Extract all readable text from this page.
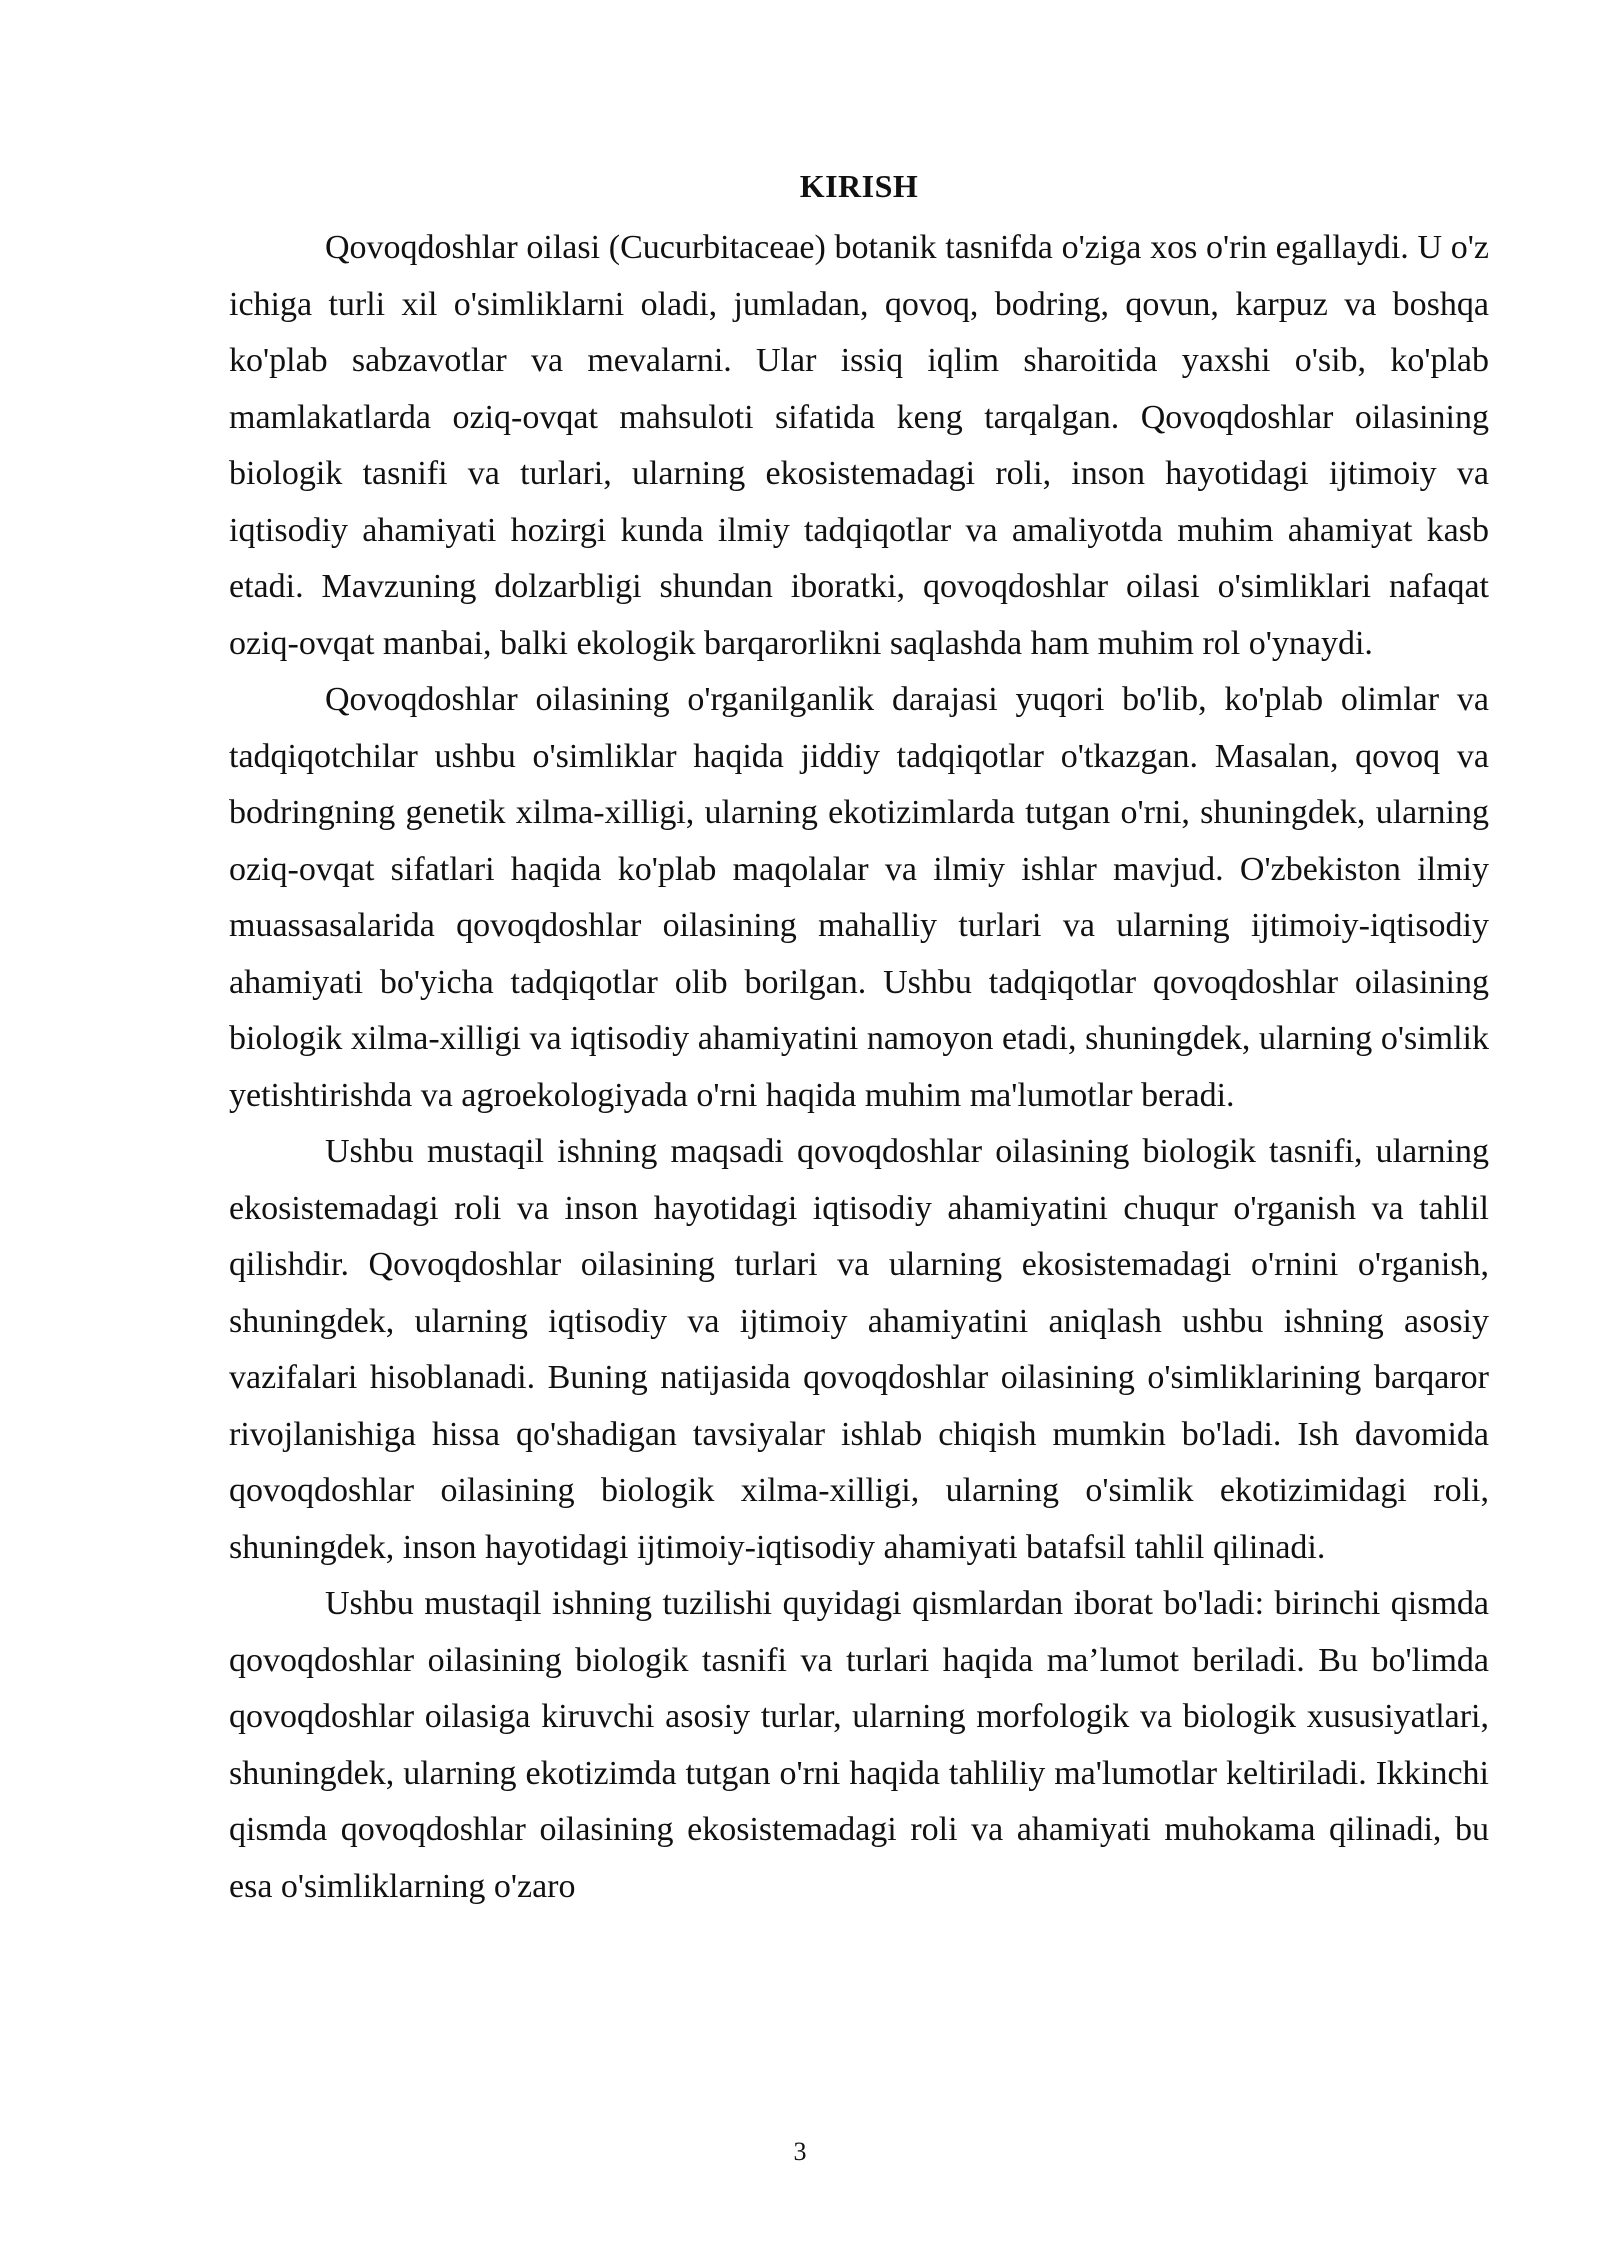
KIRISH

Qovoqdoshlar oilasi (Cucurbitaceae) botanik tasnifda o'ziga xos o'rin egallaydi. U o'z ichiga turli xil o'simliklarni oladi, jumladan, qovoq, bodring, qovun, karpuz va boshqa ko'plab sabzavotlar va mevalarni. Ular issiq iqlim sharoitida yaxshi o'sib, ko'plab mamlakatlarda oziq-ovqat mahsuloti sifatida keng tarqalgan. Qovoqdoshlar oilasining biologik tasnifi va turlari, ularning ekosistemadagi roli, inson hayotidagi ijtimoiy va iqtisodiy ahamiyati hozirgi kunda ilmiy tadqiqotlar va amaliyotda muhim ahamiyat kasb etadi. Mavzuning dolzarbligi shundan iboratki, qovoqdoshlar oilasi o'simliklari nafaqat oziq-ovqat manbai, balki ekologik barqarorlikni saqlashda ham muhim rol o'ynaydi.

Qovoqdoshlar oilasining o'rganilganlik darajasi yuqori bo'lib, ko'plab olimlar va tadqiqotchilar ushbu o'simliklar haqida jiddiy tadqiqotlar o'tkazgan. Masalan, qovoq va bodringning genetik xilma-xilligi, ularning ekotizimlarda tutgan o'rni, shuningdek, ularning oziq-ovqat sifatlari haqida ko'plab maqolalar va ilmiy ishlar mavjud. O'zbekiston ilmiy muassasalarida qovoqdoshlar oilasining mahalliy turlari va ularning ijtimoiy-iqtisodiy ahamiyati bo'yicha tadqiqotlar olib borilgan. Ushbu tadqiqotlar qovoqdoshlar oilasining biologik xilma-xilligi va iqtisodiy ahamiyatini namoyon etadi, shuningdek, ularning o'simlik yetishtirishda va agroekologiyada o'rni haqida muhim ma'lumotlar beradi.

Ushbu mustaqil ishning maqsadi qovoqdoshlar oilasining biologik tasnifi, ularning ekosistemadagi roli va inson hayotidagi iqtisodiy ahamiyatini chuqur o'rganish va tahlil qilishdir. Qovoqdoshlar oilasining turlari va ularning ekosistemadagi o'rnini o'rganish, shuningdek, ularning iqtisodiy va ijtimoiy ahamiyatini aniqlash ushbu ishning asosiy vazifalari hisoblanadi. Buning natijasida qovoqdoshlar oilasining o'simliklarining barqaror rivojlanishiga hissa qo'shadigan tavsiyalar ishlab chiqish mumkin bo'ladi. Ish davomida qovoqdoshlar oilasining biologik xilma-xilligi, ularning o'simlik ekotizimidagi roli, shuningdek, inson hayotidagi ijtimoiy-iqtisodiy ahamiyati batafsil tahlil qilinadi.

Ushbu mustaqil ishning tuzilishi quyidagi qismlardan iborat bo'ladi: birinchi qismda qovoqdoshlar oilasining biologik tasnifi va turlari haqida ma’lumot beriladi. Bu bo'limda qovoqdoshlar oilasiga kiruvchi asosiy turlar, ularning morfologik va biologik xususiyatlari, shuningdek, ularning ekotizimda tutgan o'rni haqida tahliliy ma'lumotlar keltiriladi. Ikkinchi qismda qovoqdoshlar oilasining ekosistemadagi roli va ahamiyati muhokama qilinadi, bu esa o'simliklarning o'zaro

3
